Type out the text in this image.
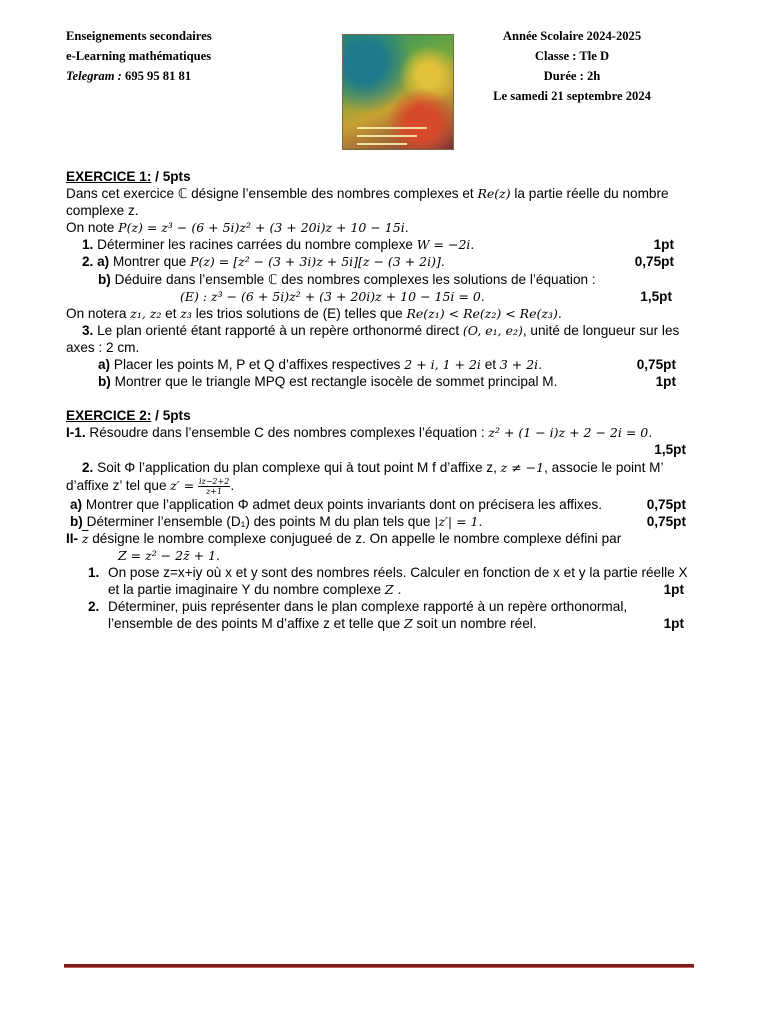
Enseignements secondaires
e-Learning mathématiques
Telegram : 695 95 81 81
Année Scolaire 2024-2025
Classe : Tle D
Durée : 2h
Le samedi 21 septembre 2024

EXERCICE 1: / 5pts

Dans cet exercice ℂ désigne l’ensemble des nombres complexes et Re(z) la partie réelle du nombre complexe z.

On note P(z) = z³ − (6 + 5i)z² + (3 + 20i)z + 10 − 15i.

1. Déterminer les racines carrées du nombre complexe W = −2i.	1pt

2. a) Montrer que P(z) = [z² − (3 + 3i)z + 5i][z − (3 + 2i)].	0,75pt

b) Déduire dans l’ensemble ℂ des nombres complexes les solutions de l’équation :

(E) : z³ − (6 + 5i)z² + (3 + 20i)z + 10 − 15i = 0.	1,5pt

On notera z₁, z₂ et z₃ les trios solutions de (E) telles que Re(z₁) < Re(z₂) < Re(z₃).

3. Le plan orienté étant rapporté à un repère orthonormé direct (O, e₁, e₂), unité de longueur sur les axes : 2 cm.

a) Placer les points M, P et Q d’affixes respectives 2 + i, 1 + 2i et 3 + 2i.	0,75pt

b) Montrer que le triangle MPQ est rectangle isocèle de sommet principal M.	1pt

EXERCICE 2: / 5pts

I-1. Résoudre dans l’ensemble C des nombres complexes l’équation : z² + (1 − i)z + 2 − 2i = 0.

1,5pt

2. Soit Φ l’application du plan complexe qui à tout point M f d’affixe z, z ≠ −1, associe le point M’

d’affixe z’ tel que $z' = \frac{iz-2+2}{z+1}$ .

a) Montrer que l’application Φ admet deux points invariants dont on précisera les affixes.	0,75pt

b) Déterminer l’ensemble (D₁) des points M du plan tels que |z′| = 1.	0,75pt

II- $\overline{z}$ désigne le nombre complexe conjugueé de z. On appelle le nombre complexe défini par

Z = z² − 2z̄ + 1.

1. On pose z=x+iy où x et y sont des nombres réels. Calculer en fonction de x et y la partie réelle X et la partie imaginaire Y du nombre complexe Z .	1pt
2. Déterminer, puis représenter dans le plan complexe rapporté à un repère orthonormal, l’ensemble de des points M d’affixe z et telle que Z soit un nombre réel.	1pt
